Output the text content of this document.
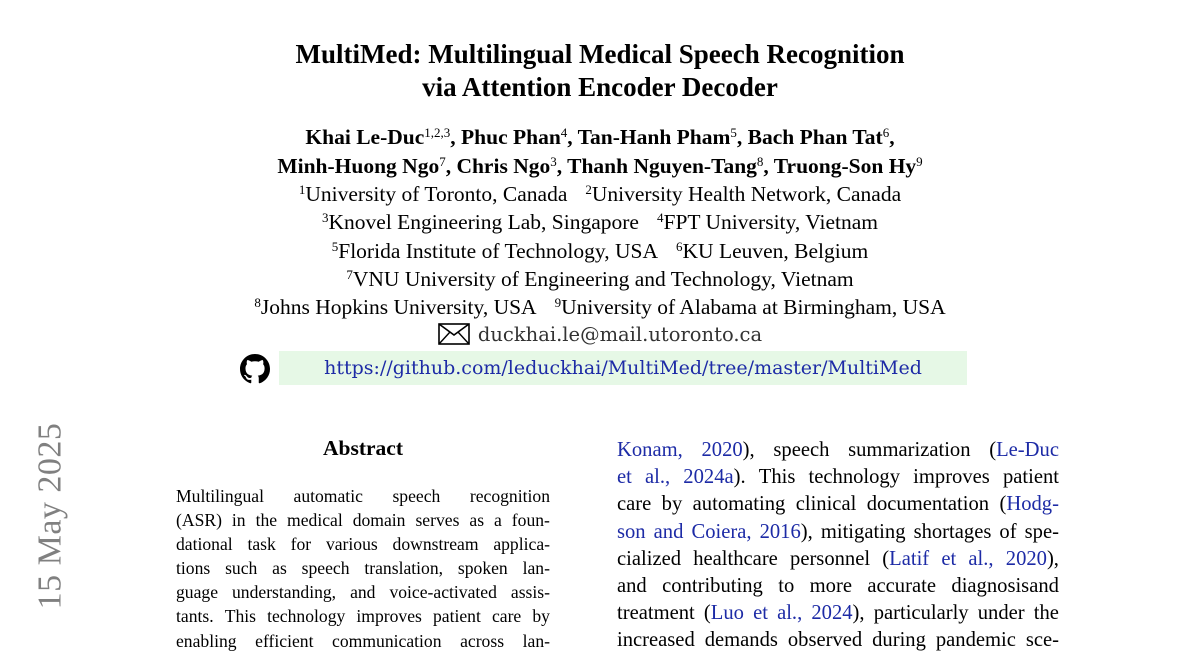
15 May 2025
MultiMed: Multilingual Medical Speech Recognition
via Attention Encoder Decoder
Khai Le-Duc$^{1,2,3}$, Phuc Phan$^4$, Tan-Hanh Pham$^5$, Bach Phan Tat$^6$,
Minh-Huong Ngo$^7$, Chris Ngo$^3$, Thanh Nguyen-Tang$^8$, Truong-Son Hy$^9$
$^1$University of Toronto, Canada $^2$University Health Network, Canada
$^3$Knovel Engineering Lab, Singapore $^4$FPT University, Vietnam
$^5$Florida Institute of Technology, USA $^6$KU Leuven, Belgium
$^7$VNU University of Engineering and Technology, Vietnam
$^8$Johns Hopkins University, USA $^9$University of Alabama at Birmingham, USA
duckhai.le@mail.utoronto.ca
https://github.com/leduckhai/MultiMed/tree/master/MultiMed
Abstract
Multilingual automatic speech recognition
(ASR) in the medical domain serves as a foun-
dational task for various downstream applica-
tions such as speech translation, spoken lan-
guage understanding, and voice-activated assis-
tants. This technology improves patient care by
enabling efficient communication across lan-
Konam, 2020), speech summarization (Le-Duc
et al., 2024a). This technology improves patient
care by automating clinical documentation (Hodg-
son and Coiera, 2016), mitigating shortages of spe-
cialized healthcare personnel (Latif et al., 2020),
and contributing to more accurate diagnosisand
treatment (Luo et al., 2024), particularly under the
increased demands observed during pandemic sce-
